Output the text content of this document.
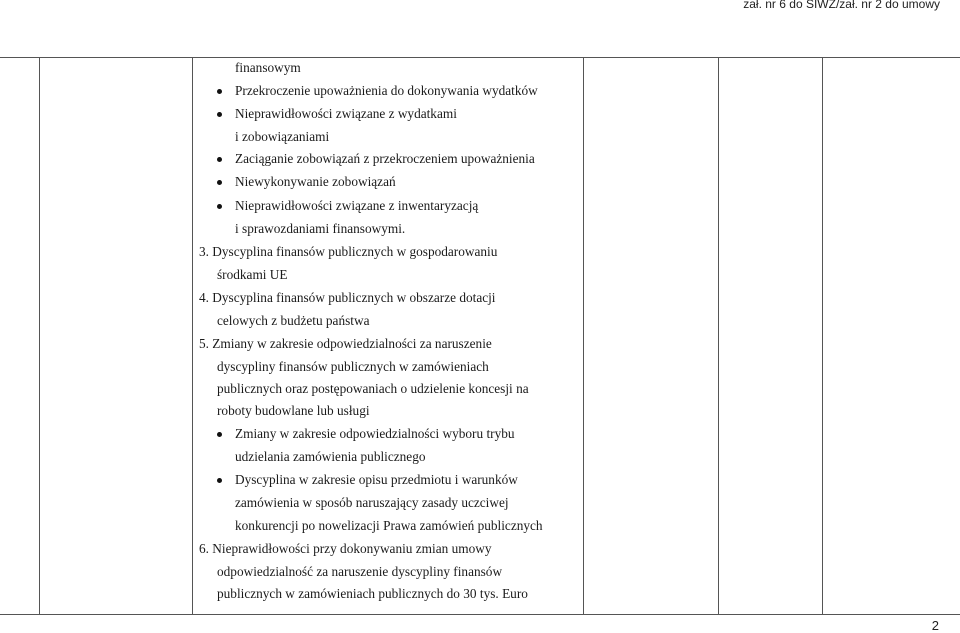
zał. nr 6 do SIWZ/zał. nr 2 do umowy
finansowym
Przekroczenie upoważnienia do dokonywania wydatków
Nieprawidłowości związane z wydatkami
i zobowiązaniami
Zaciąganie zobowiązań z przekroczeniem upoważnienia
Niewykonywanie zobowiązań
Nieprawidłowości związane z inwentaryzacją
i sprawozdaniami finansowymi.
3. Dyscyplina finansów publicznych w gospodarowaniu
środkami UE
4. Dyscyplina finansów publicznych w obszarze dotacji
celowych z budżetu państwa
5. Zmiany w zakresie odpowiedzialności za naruszenie
dyscypliny finansów publicznych w zamówieniach
publicznych oraz postępowaniach o udzielenie koncesji na
roboty budowlane lub usługi
Zmiany w zakresie odpowiedzialności wyboru trybu
udzielania zamówienia publicznego
Dyscyplina w zakresie opisu przedmiotu i warunków
zamówienia w sposób naruszający zasady uczciwej
konkurencji po nowelizacji Prawa zamówień publicznych
6. Nieprawidłowości przy dokonywaniu zmian umowy
odpowiedzialność za naruszenie dyscypliny finansów
publicznych w zamówieniach publicznych do 30 tys. Euro
2
